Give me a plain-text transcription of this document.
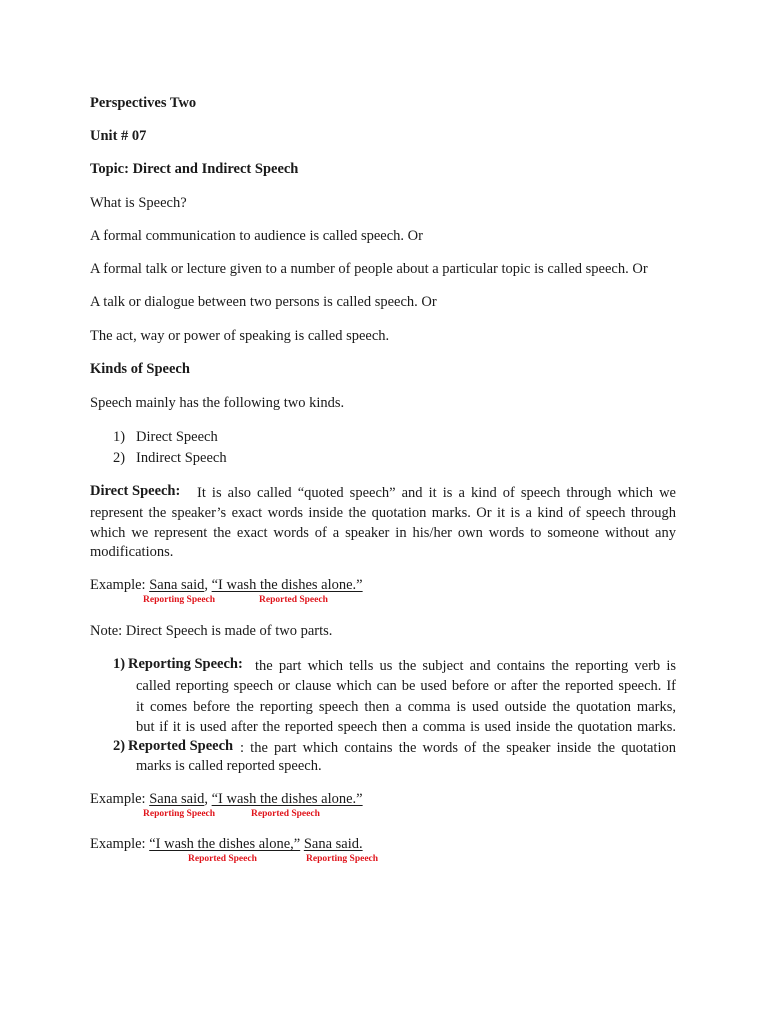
Perspectives Two
Unit # 07
Topic: Direct and Indirect Speech
What is Speech?
A formal communication to audience is called speech. Or
A formal talk or lecture given to a number of people about a particular topic is called speech. Or
A talk or dialogue between two persons is called speech. Or
The act, way or power of speaking is called speech.
Kinds of Speech
Speech mainly has the following two kinds.
1) Direct Speech
2) Indirect Speech
Direct Speech: It is also called “quoted speech” and it is a kind of speech through which we
represent the speaker’s exact words inside the quotation marks. Or it is a kind of speech through
which we represent the exact words of a speaker in his/her own words to someone without any
modifications.
Example: Sana said, “I wash the dishes alone.”
Reporting Speech	Reported Speech
Note: Direct Speech is made of two parts.
1) Reporting Speech: the part which tells us the subject and contains the reporting verb is
called reporting speech or clause which can be used before or after the reported speech. If
it comes before the reporting speech then a comma is used outside the quotation marks,
but if it is used after the reported speech then a comma is used inside the quotation marks.
2) Reported Speech : the part which contains the words of the speaker inside the quotation
marks is called reported speech.
Example: Sana said, “I wash the dishes alone.”
Reporting Speech	Reported Speech
Example: “I wash the dishes alone,” Sana said.
Reported Speech	Reporting Speech
